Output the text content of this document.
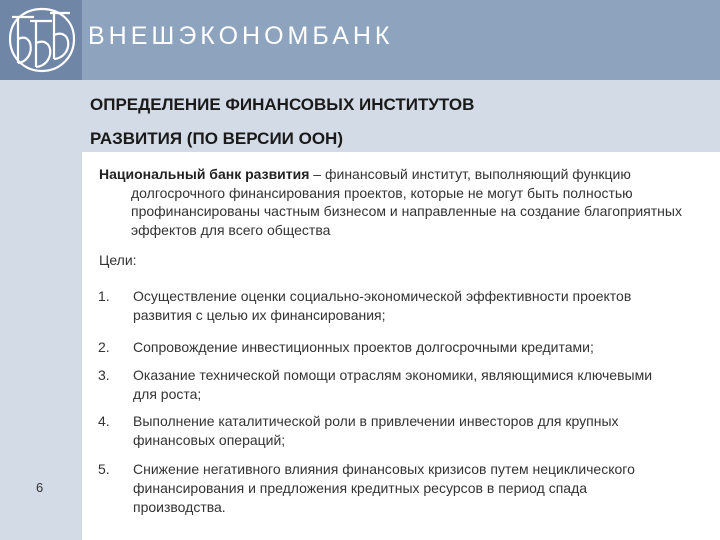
ВНЕШЭКОНОМБАНК
ОПРЕДЕЛЕНИЕ ФИНАНСОВЫХ ИНСТИТУТОВ
РАЗВИТИЯ (ПО ВЕРСИИ ООН)
Национальный банк развития – финансовый институт, выполняющий функцию долгосрочного финансирования проектов, которые не могут быть полностью профинансированы частным бизнесом и направленные на создание благоприятных эффектов для всего общества
Цели:
1.	Осуществление оценки социально-экономической эффективности проектов развития с целью их финансирования;
2.	Сопровождение инвестиционных проектов долгосрочными кредитами;
3.	Оказание технической помощи отраслям экономики, являющимися ключевыми для роста;
4.	Выполнение каталитической роли в привлечении инвесторов для крупных финансовых операций;
5.	Снижение негативного влияния финансовых кризисов путем нециклического финансирования и предложения кредитных ресурсов в период спада производства.
6
